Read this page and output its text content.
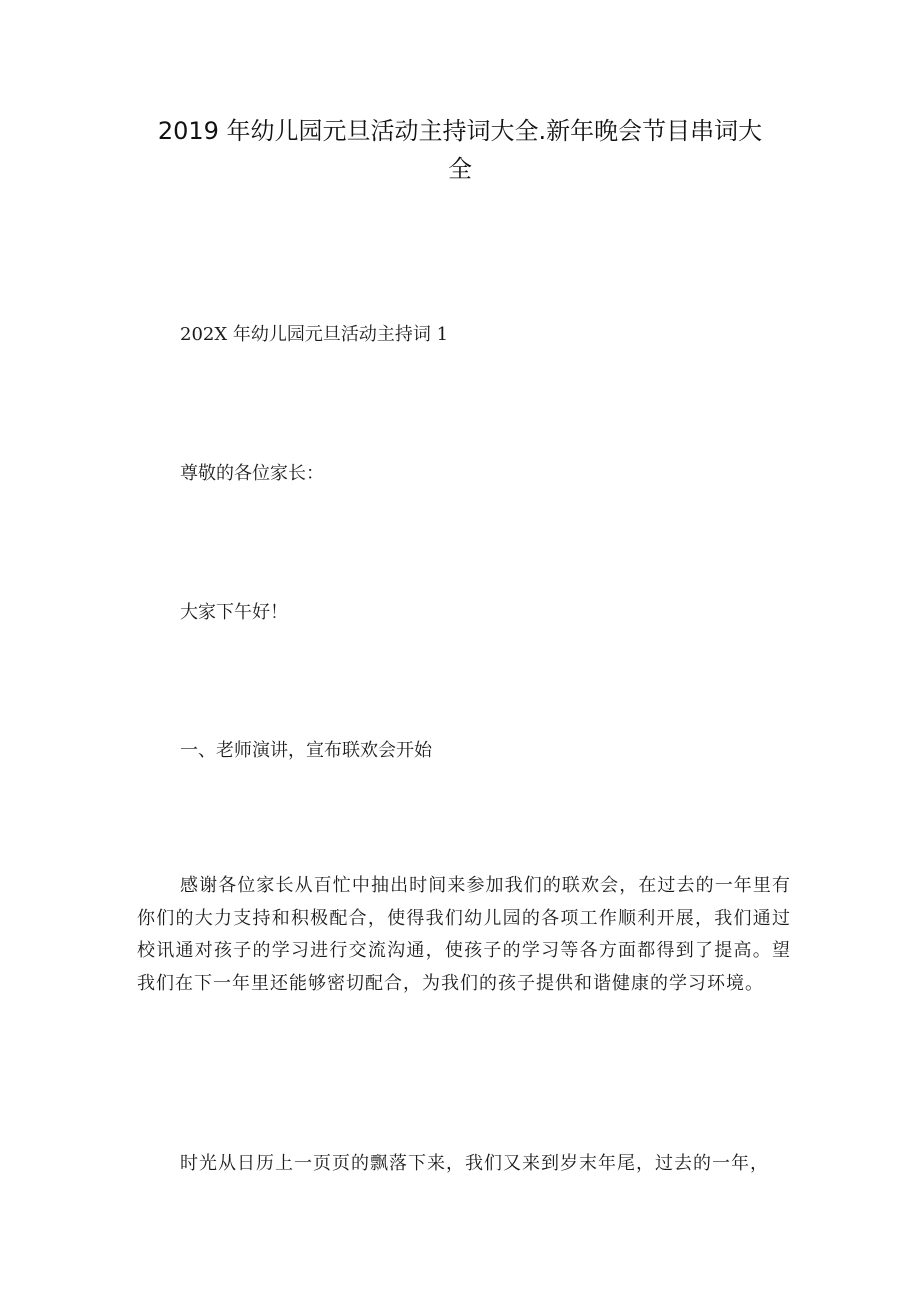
2019 年幼儿园元旦活动主持词大全.新年晚会节目串词大全

202X 年幼儿园元旦活动主持词 1

尊敬的各位家长：

大家下午好！

一、老师演讲，宣布联欢会开始

感谢各位家长从百忙中抽出时间来参加我们的联欢会，在过去的一年里有你们的大力支持和积极配合，使得我们幼儿园的各项工作顺利开展，我们通过校讯通对孩子的学习进行交流沟通，使孩子的学习等各方面都得到了提高。望我们在下一年里还能够密切配合，为我们的孩子提供和谐健康的学习环境。

时光从日历上一页页的飘落下来，我们又来到岁末年尾，过去的一年，
